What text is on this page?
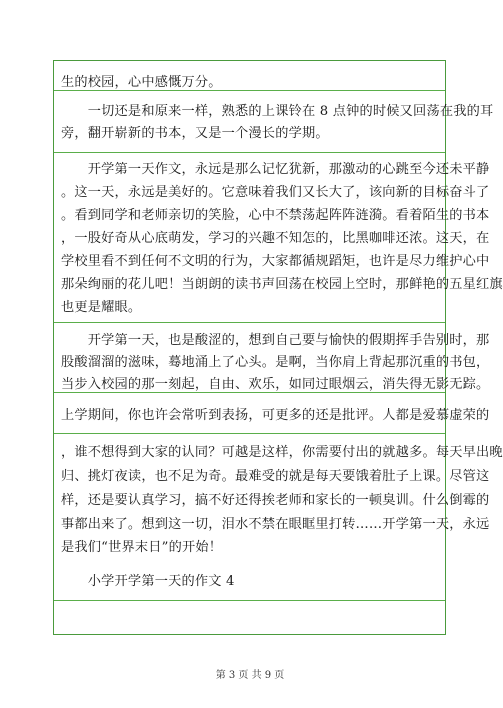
生的校园，心中感慨万分。
　　一切还是和原来一样，熟悉的上课铃在 8 点钟的时候又回荡在我的耳
旁，翻开崭新的书本，又是一个漫长的学期。
　　开学第一天作文，永远是那么记忆犹新，那激动的心跳至今还未平静
。这一天，永远是美好的。它意味着我们又长大了，该向新的目标奋斗了
。看到同学和老师亲切的笑脸，心中不禁荡起阵阵涟漪。看着陌生的书本
，一股好奇从心底萌发，学习的兴趣不知怎的，比黑咖啡还浓。这天，在
学校里看不到任何不文明的行为，大家都循规蹈矩，也许是尽力维护心中
那朵绚丽的花儿吧！当朗朗的读书声回荡在校园上空时，那鲜艳的五星红旗
也更是耀眼。
　　开学第一天，也是酸涩的，想到自己要与愉快的假期挥手告别时，那
股酸溜溜的滋味，蓦地涌上了心头。是啊，当你肩上背起那沉重的书包，
当步入校园的那一刻起，自由、欢乐，如同过眼烟云，消失得无影无踪。
上学期间，你也许会常听到表扬，可更多的还是批评。人都是爱慕虚荣的
，谁不想得到大家的认同？可越是这样，你需要付出的就越多。每天早出晚
归、挑灯夜读，也不足为奇。最难受的就是每天要饿着肚子上课。尽管这
样，还是要认真学习，搞不好还得挨老师和家长的一顿臭训。什么倒霉的
事都出来了。想到这一切，泪水不禁在眼眶里打转……开学第一天，永远
是我们“世界末日”的开始！
　　小学开学第一天的作文 4
第 3 页 共 9 页
